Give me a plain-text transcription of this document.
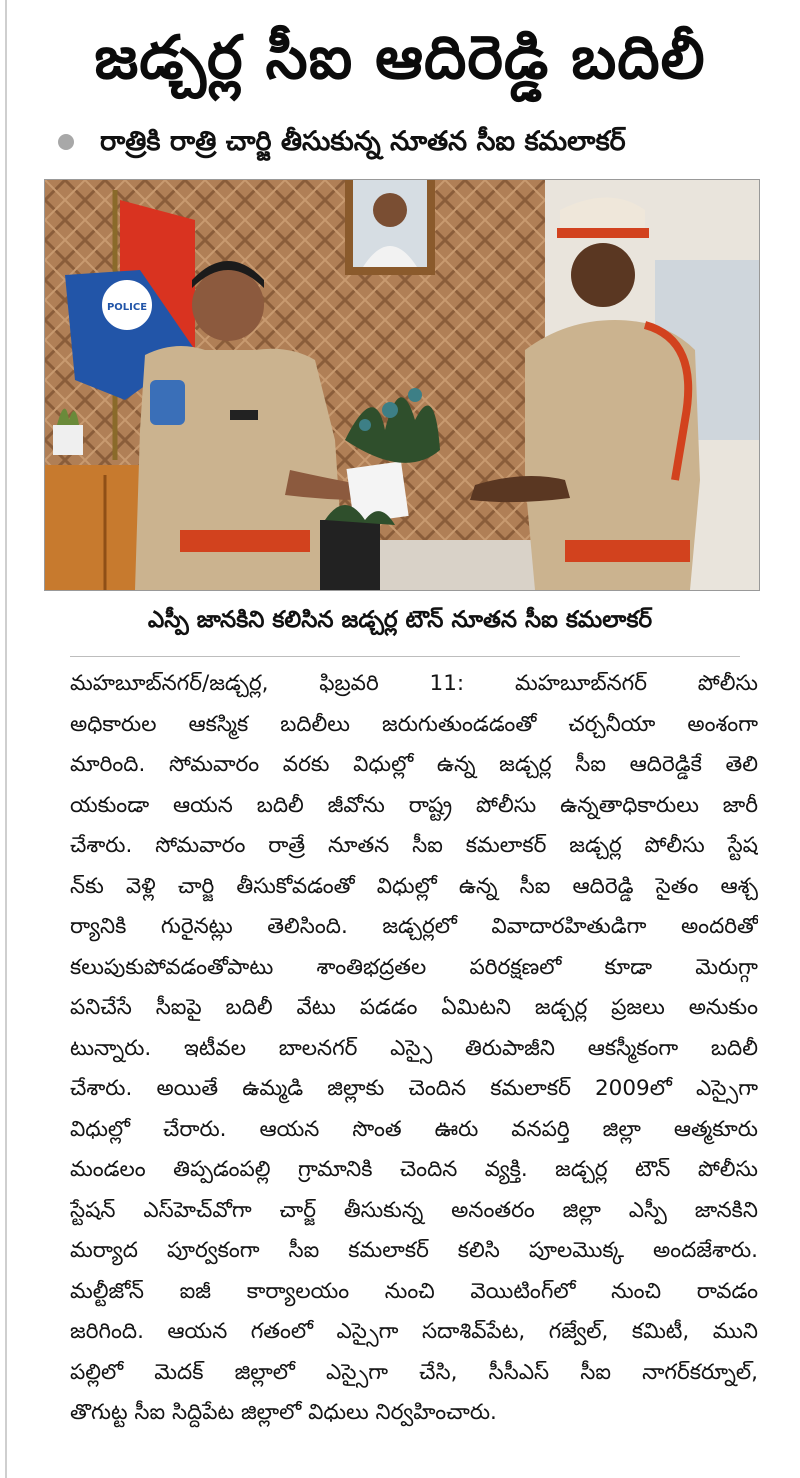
జడ్చర్ల సీఐ ఆదిరెడ్డి బదిలీ
రాత్రికి రాత్రి చార్జి తీసుకున్న నూతన సీఐ కమలాకర్
POLICE
ఎస్పీ జానకిని కలిసిన జడ్చర్ల టౌన్ నూతన సీఐ కమలాకర్
మహబూబ్‌నగర్/జడ్చర్ల, ఫిబ్రవరి 11: మహబూబ్‌నగర్ పోలీసు
అధికారుల ఆకస్మిక బదిలీలు జరుగుతుండడంతో చర్చనీయా అంశంగా
మారింది. సోమవారం వరకు విధుల్లో ఉన్న జడ్చర్ల సీఐ ఆదిరెడ్డికే తెలి
యకుండా ఆయన బదిలీ జీవోను రాష్ట్ర పోలీసు ఉన్నతాధికారులు జారీ
చేశారు. సోమవారం రాత్రే నూతన సీఐ కమలాకర్ జడ్చర్ల పోలీసు స్టేష
న్‌కు వెళ్లి చార్జి తీసుకోవడంతో విధుల్లో ఉన్న సీఐ ఆదిరెడ్డి సైతం ఆశ్చ
ర్యానికి గురైనట్లు తెలిసింది. జడ్చర్లలో వివాదారహితుడిగా అందరితో
కలుపుకుపోవడంతోపాటు శాంతిభద్రతల పరిరక్షణలో కూడా మెరుగ్గా
పనిచేసే సీఐపై బదిలీ వేటు పడడం ఏమిటని జడ్చర్ల ప్రజలు అనుకుం
టున్నారు. ఇటీవల బాలనగర్ ఎస్సై తిరుపాజీని ఆకస్మీకంగా బదిలీ
చేశారు. అయితే ఉమ్మడి జిల్లాకు చెందిన కమలాకర్ 2009లో ఎస్సైగా
విధుల్లో చేరారు. ఆయన సొంత ఊరు వనపర్తి జిల్లా ఆత్మకూరు
మండలం తిప్పడంపల్లి గ్రామానికి చెందిన వ్యక్తి. జడ్చర్ల టౌన్ పోలీసు
స్టేషన్ ఎస్‌హెచ్‌వోగా చార్జ్ తీసుకున్న అనంతరం జిల్లా ఎస్పీ జానకిని
మర్యాద పూర్వకంగా సీఐ కమలాకర్ కలిసి పూలమొక్క అందజేశారు.
మల్టీజోన్ ఐజీ కార్యాలయం నుంచి వెయిటింగ్‌లో నుంచి రావడం
జరిగింది. ఆయన గతంలో ఎస్సైగా సదాశివ్‌పేట, గజ్వేల్, కమిటీ, ముని
పల్లిలో మెదక్ జిల్లాలో ఎస్సైగా చేసి, సీసీఎస్ సీఐ నాగర్‌కర్నూల్,
తొగుట్ట సీఐ సిద్దిపేట జిల్లాలో విధులు నిర్వహించారు.
